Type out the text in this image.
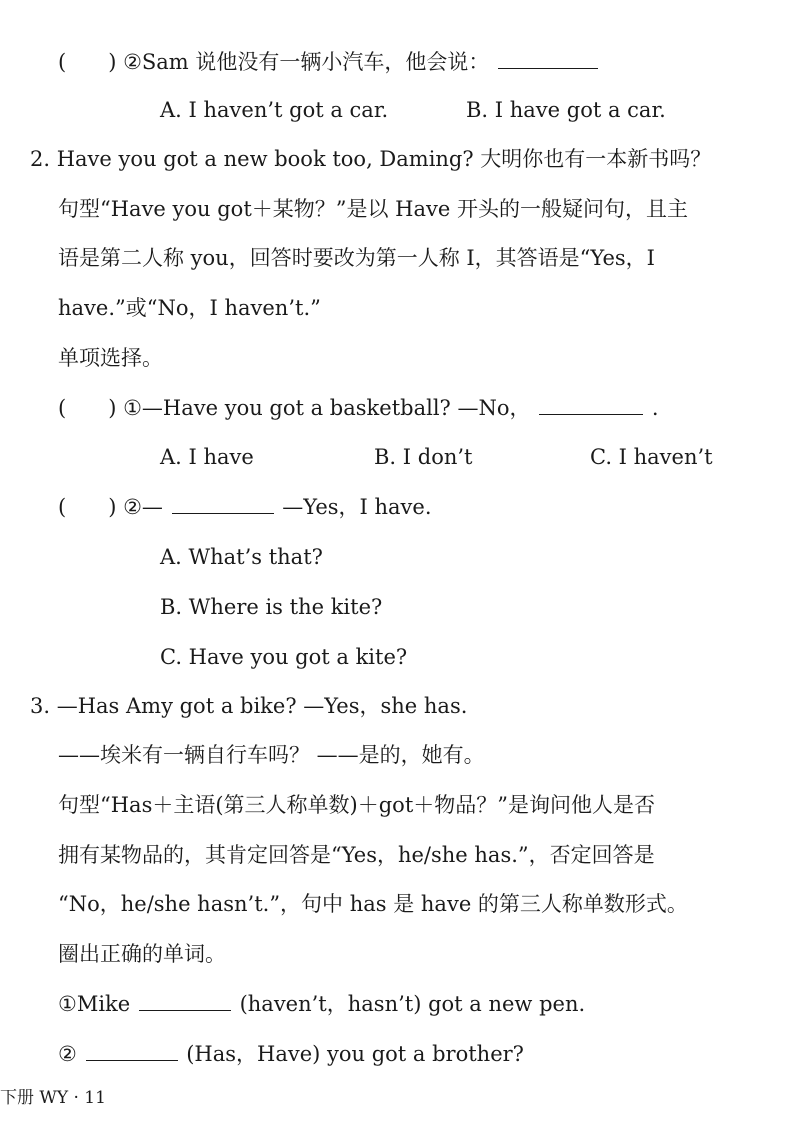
(　　) ②Sam 说他没有一辆小汽车，他会说：
A. I haven’t got a car.	B. I have got a car.
2. Have you got a new book too, Daming? 大明你也有一本新书吗？
句型“Have you got＋某物？”是以 Have 开头的一般疑问句，且主
语是第二人称 you，回答时要改为第一人称 I，其答语是“Yes，I
have.”或“No，I haven’t.”
单项选择。
(　　) ①—Have you got a basketball? —No，	.
A. I have	B. I don’t	C. I haven’t
(　　) ②—	—Yes，I have.
A. What’s that?
B. Where is the kite?
C. Have you got a kite?
3. —Has Amy got a bike? —Yes，she has.
——埃米有一辆自行车吗？ ——是的，她有。
句型“Has＋主语(第三人称单数)＋got＋物品？”是询问他人是否
拥有某物品的，其肯定回答是“Yes，he/she has.”，否定回答是
“No，he/she hasn’t.”，句中 has 是 have 的第三人称单数形式。
圈出正确的单词。
①Mike	(haven’t，hasn’t) got a new pen.
②	(Has，Have) you got a brother?
下册 WY · 11
